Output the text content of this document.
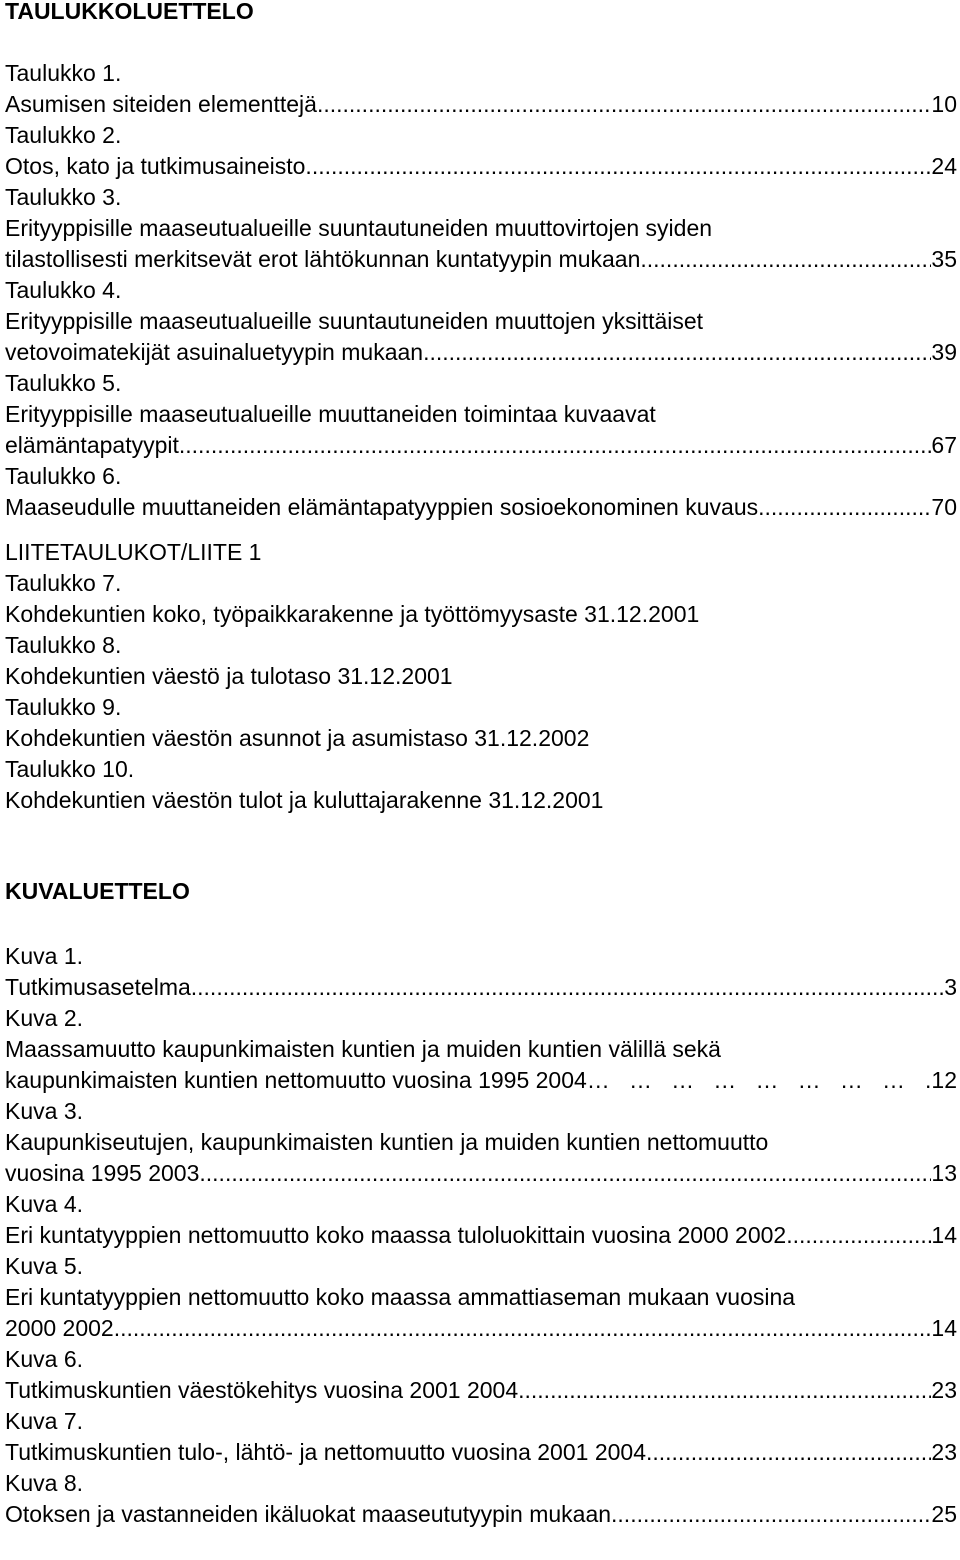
TAULUKKOLUETTELO
Taulukko 1.
Asumisen siteiden elementtejä. .....	10
Taulukko 2.
Otos, kato ja tutkimusaineisto. .....	24
Taulukko 3.
Erityyppisille maaseutualueille suuntautuneiden muuttovirtojen syiden
tilastollisesti merkitsevät erot lähtökunnan kuntatyypin mukaan. .....	35
Taulukko 4.
Erityyppisille maaseutualueille suuntautuneiden muuttojen yksittäiset
vetovoimatekijät asuinaluetyypin mukaan. .....	39
Taulukko 5.
Erityyppisille maaseutualueille muuttaneiden toimintaa kuvaavat
elämäntapatyypit. .....	67
Taulukko 6.
Maaseudulle muuttaneiden elämäntapatyyppien sosioekonominen kuvaus. .....	70
LIITETAULUKOT/LIITE 1
Taulukko 7.
Kohdekuntien koko, työpaikkarakenne ja työttömyysaste 31.12.2001
Taulukko 8.
Kohdekuntien väestö ja tulotaso 31.12.2001
Taulukko 9.
Kohdekuntien väestön asunnot ja asumistaso 31.12.2002
Taulukko 10.
Kohdekuntien väestön tulot ja kuluttajarakenne 31.12.2001
KUVALUETTELO
Kuva 1.
Tutkimusasetelma. .....	3
Kuva 2.
Maassamuutto kaupunkimaisten kuntien ja muiden kuntien välillä sekä
kaupunkimaisten kuntien nettomuutto vuosina 1995 2004 … … … … … … … … … … … … … … … … … … … … … … … … … … … … … … … … … … … … … … … … … …	.12
Kuva 3.
Kaupunkiseutujen, kaupunkimaisten kuntien ja muiden kuntien nettomuutto
vuosina 1995 2003. .....	13
Kuva 4.
Eri kuntatyyppien nettomuutto koko maassa tuloluokittain vuosina 2000 2002. .....	14
Kuva 5.
Eri kuntatyyppien nettomuutto koko maassa ammattiaseman mukaan vuosina
2000 2002 .....	14
Kuva 6.
Tutkimuskuntien väestökehitys vuosina 2001 2004. .....	23
Kuva 7.
Tutkimuskuntien tulo-, lähtö- ja nettomuutto vuosina 2001 2004. .....	23
Kuva 8.
Otoksen ja vastanneiden ikäluokat maaseututyypin mukaan. .....	25
